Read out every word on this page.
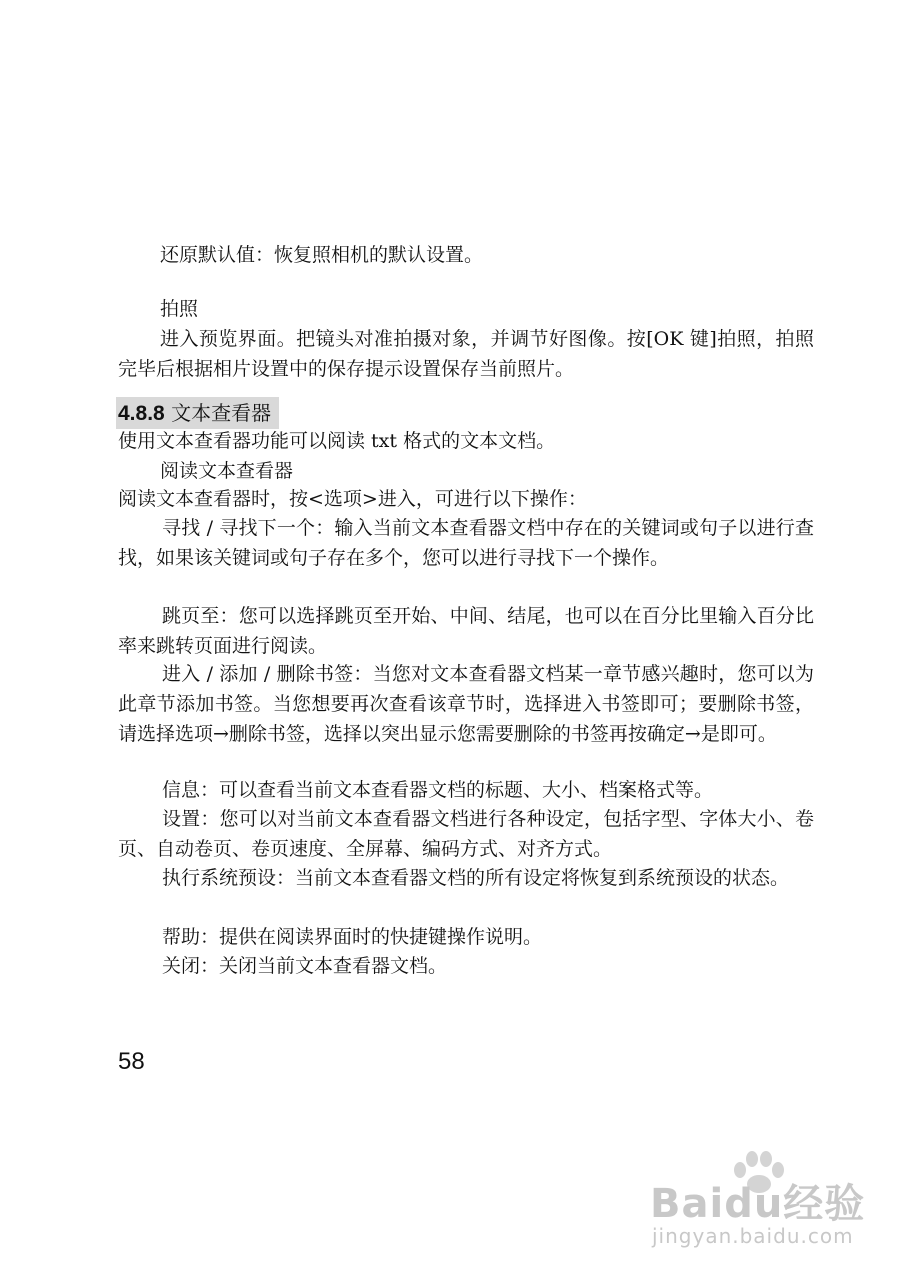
还原默认值：恢复照相机的默认设置。
拍照
进入预览界面。把镜头对准拍摄对象，并调节好图像。按[OK 键]拍照，拍照完毕后根据相片设置中的保存提示设置保存当前照片。
4.8.8 文本查看器
使用文本查看器功能可以阅读 txt 格式的文本文档。
阅读文本查看器
阅读文本查看器时，按<选项>进入，可进行以下操作：
寻找 / 寻找下一个：输入当前文本查看器文档中存在的关键词或句子以进行查找，如果该关键词或句子存在多个，您可以进行寻找下一个操作。
跳页至：您可以选择跳页至开始、中间、结尾，也可以在百分比里输入百分比率来跳转页面进行阅读。
进入 / 添加 / 删除书签：当您对文本查看器文档某一章节感兴趣时，您可以为此章节添加书签。当您想要再次查看该章节时，选择进入书签即可；要删除书签，请选择选项→删除书签，选择以突出显示您需要删除的书签再按确定→是即可。
信息：可以查看当前文本查看器文档的标题、大小、档案格式等。
设置：您可以对当前文本查看器文档进行各种设定，包括字型、字体大小、卷页、自动卷页、卷页速度、全屏幕、编码方式、对齐方式。
执行系统预设：当前文本查看器文档的所有设定将恢复到系统预设的状态。
帮助：提供在阅读界面时的快捷键操作说明。
关闭：关闭当前文本查看器文档。
58
Baidu经验
jingyan.baidu.com
